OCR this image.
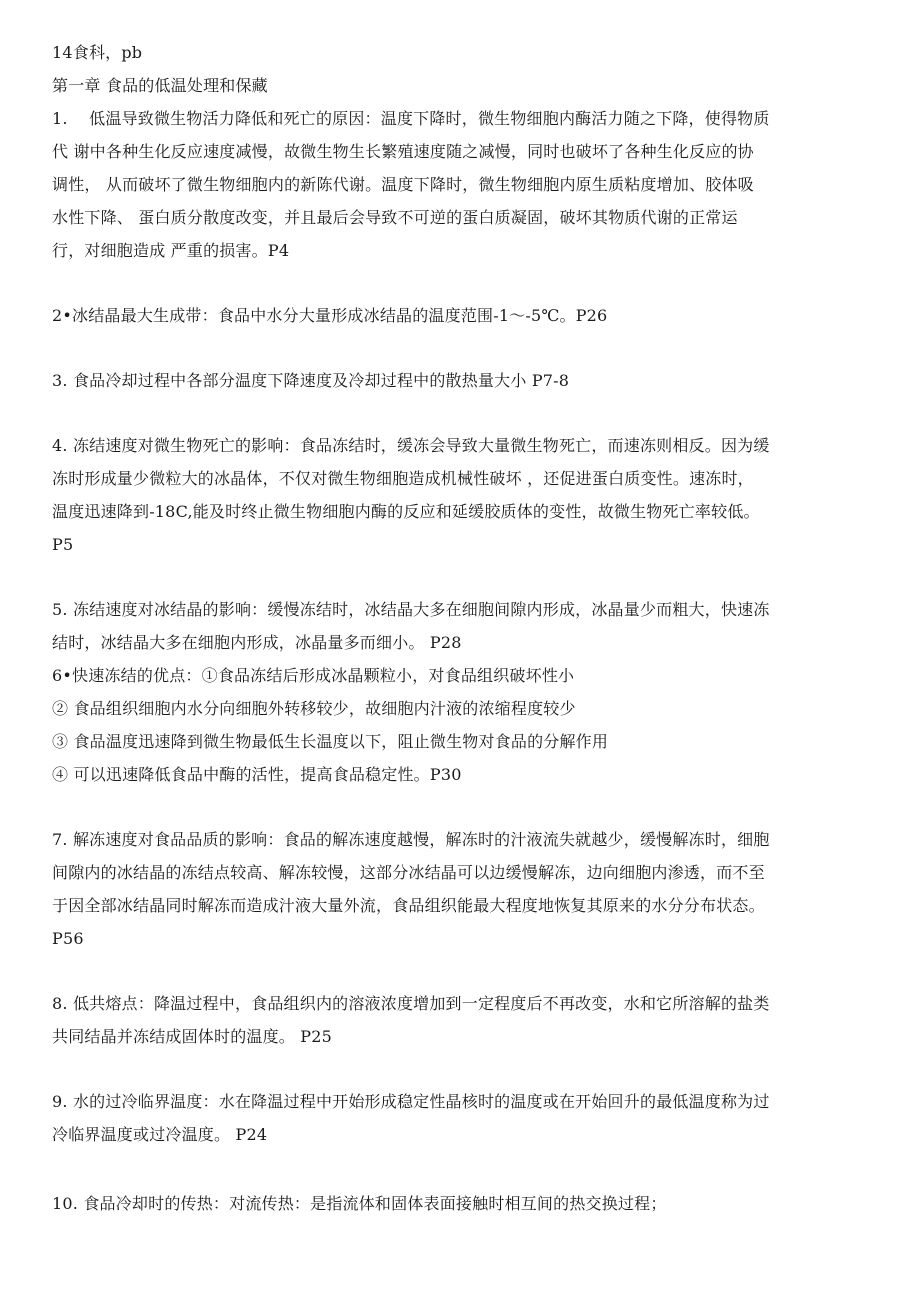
14食科，pb
第一章 食品的低温处理和保藏
1.　 低温导致微生物活力降低和死亡的原因：温度下降时，微生物细胞内酶活力随之下降，使得物质
代 谢中各种生化反应速度减慢，故微生物生长繁殖速度随之减慢，同时也破坏了各种生化反应的协
调性， 从而破坏了微生物细胞内的新陈代谢。温度下降时，微生物细胞内原生质粘度增加、胶体吸
水性下降、 蛋白质分散度改变，并且最后会导致不可逆的蛋白质凝固，破坏其物质代谢的正常运
行，对细胞造成 严重的损害。P4
2•冰结晶最大生成带：食品中水分大量形成冰结晶的温度范围-1〜-5℃。P26
3. 食品冷却过程中各部分温度下降速度及冷却过程中的散热量大小 P7-8
4. 冻结速度对微生物死亡的影响：食品冻结时，缓冻会导致大量微生物死亡，而速冻则相反。因为缓
冻时形成量少微粒大的冰晶体，不仅对微生物细胞造成机械性破坏 ，还促进蛋白质变性。速冻时，
温度迅速降到-18C,能及时终止微生物细胞内酶的反应和延缓胶质体的变性，故微生物死亡率较低。
P5
5. 冻结速度对冰结晶的影响：缓慢冻结时，冰结晶大多在细胞间隙内形成，冰晶量少而粗大，快速冻
结时，冰结晶大多在细胞内形成，冰晶量多而细小。 P28
6•快速冻结的优点：①食品冻结后形成冰晶颗粒小，对食品组织破坏性小
② 食品组织细胞内水分向细胞外转移较少，故细胞内汁液的浓缩程度较少
③ 食品温度迅速降到微生物最低生长温度以下，阻止微生物对食品的分解作用
④ 可以迅速降低食品中酶的活性，提高食品稳定性。P30
7. 解冻速度对食品品质的影响：食品的解冻速度越慢，解冻时的汁液流失就越少，缓慢解冻时，细胞
间隙内的冰结晶的冻结点较高、解冻较慢，这部分冰结晶可以边缓慢解冻，边向细胞内渗透，而不至
于因全部冰结晶同时解冻而造成汁液大量外流，食品组织能最大程度地恢复其原来的水分分布状态。
P56
8. 低共熔点：降温过程中，食品组织内的溶液浓度增加到一定程度后不再改变，水和它所溶解的盐类
共同结晶并冻结成固体时的温度。 P25
9. 水的过冷临界温度：水在降温过程中开始形成稳定性晶核时的温度或在开始回升的最低温度称为过
冷临界温度或过冷温度。 P24
10. 食品冷却时的传热：对流传热：是指流体和固体表面接触时相互间的热交换过程；
